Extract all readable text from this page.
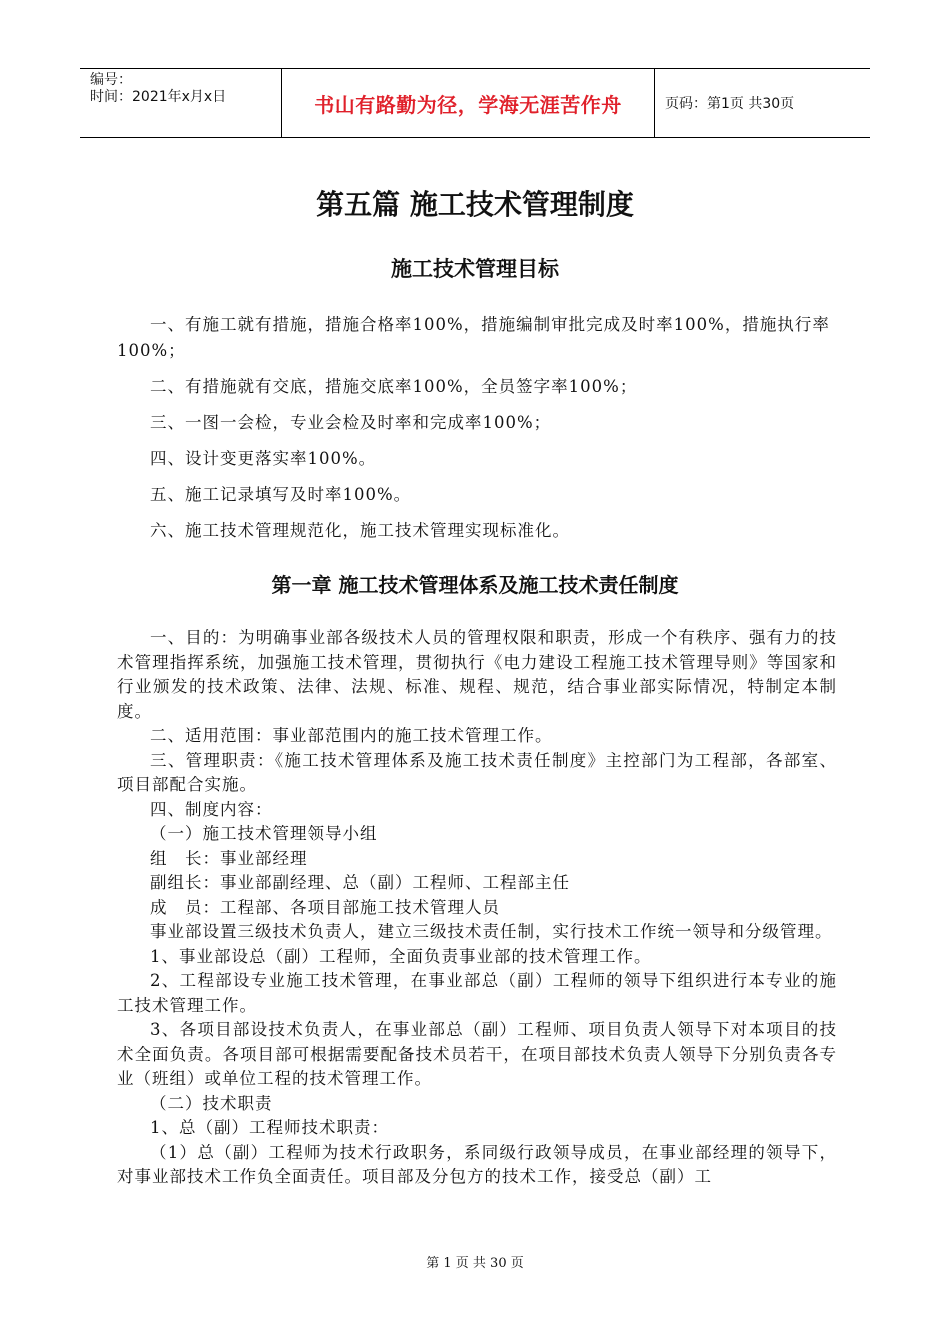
编号：
时间：2021年x月x日	书山有路勤为径，学海无涯苦作舟	页码：第1页 共30页
第五篇 施工技术管理制度
施工技术管理目标

一、有施工就有措施，措施合格率100%，措施编制审批完成及时率100%，措施执行率100%；

二、有措施就有交底，措施交底率100%，全员签字率100%；

三、一图一会检，专业会检及时率和完成率100%；

四、设计变更落实率100%。

五、施工记录填写及时率100%。

六、施工技术管理规范化，施工技术管理实现标准化。

第一章 施工技术管理体系及施工技术责任制度

一、目的：为明确事业部各级技术人员的管理权限和职责，形成一个有秩序、强有力的技术管理指挥系统，加强施工技术管理，贯彻执行《电力建设工程施工技术管理导则》等国家和行业颁发的技术政策、法律、法规、标准、规程、规范，结合事业部实际情况，特制定本制度。

二、适用范围：事业部范围内的施工技术管理工作。

三、管理职责：《施工技术管理体系及施工技术责任制度》主控部门为工程部，各部室、项目部配合实施。

四、制度内容：

（一）施工技术管理领导小组

组　长：事业部经理

副组长：事业部副经理、总（副）工程师、工程部主任

成　员：工程部、各项目部施工技术管理人员

事业部设置三级技术负责人，建立三级技术责任制，实行技术工作统一领导和分级管理。

1、事业部设总（副）工程师，全面负责事业部的技术管理工作。

2、工程部设专业施工技术管理，在事业部总（副）工程师的领导下组织进行本专业的施工技术管理工作。

3、各项目部设技术负责人，在事业部总（副）工程师、项目负责人领导下对本项目的技术全面负责。各项目部可根据需要配备技术员若干，在项目部技术负责人领导下分别负责各专业（班组）或单位工程的技术管理工作。

（二）技术职责

1、总（副）工程师技术职责：

（1）总（副）工程师为技术行政职务，系同级行政领导成员，在事业部经理的领导下，对事业部技术工作负全面责任。项目部及分包方的技术工作，接受总（副）工

第 1 页 共 30 页
